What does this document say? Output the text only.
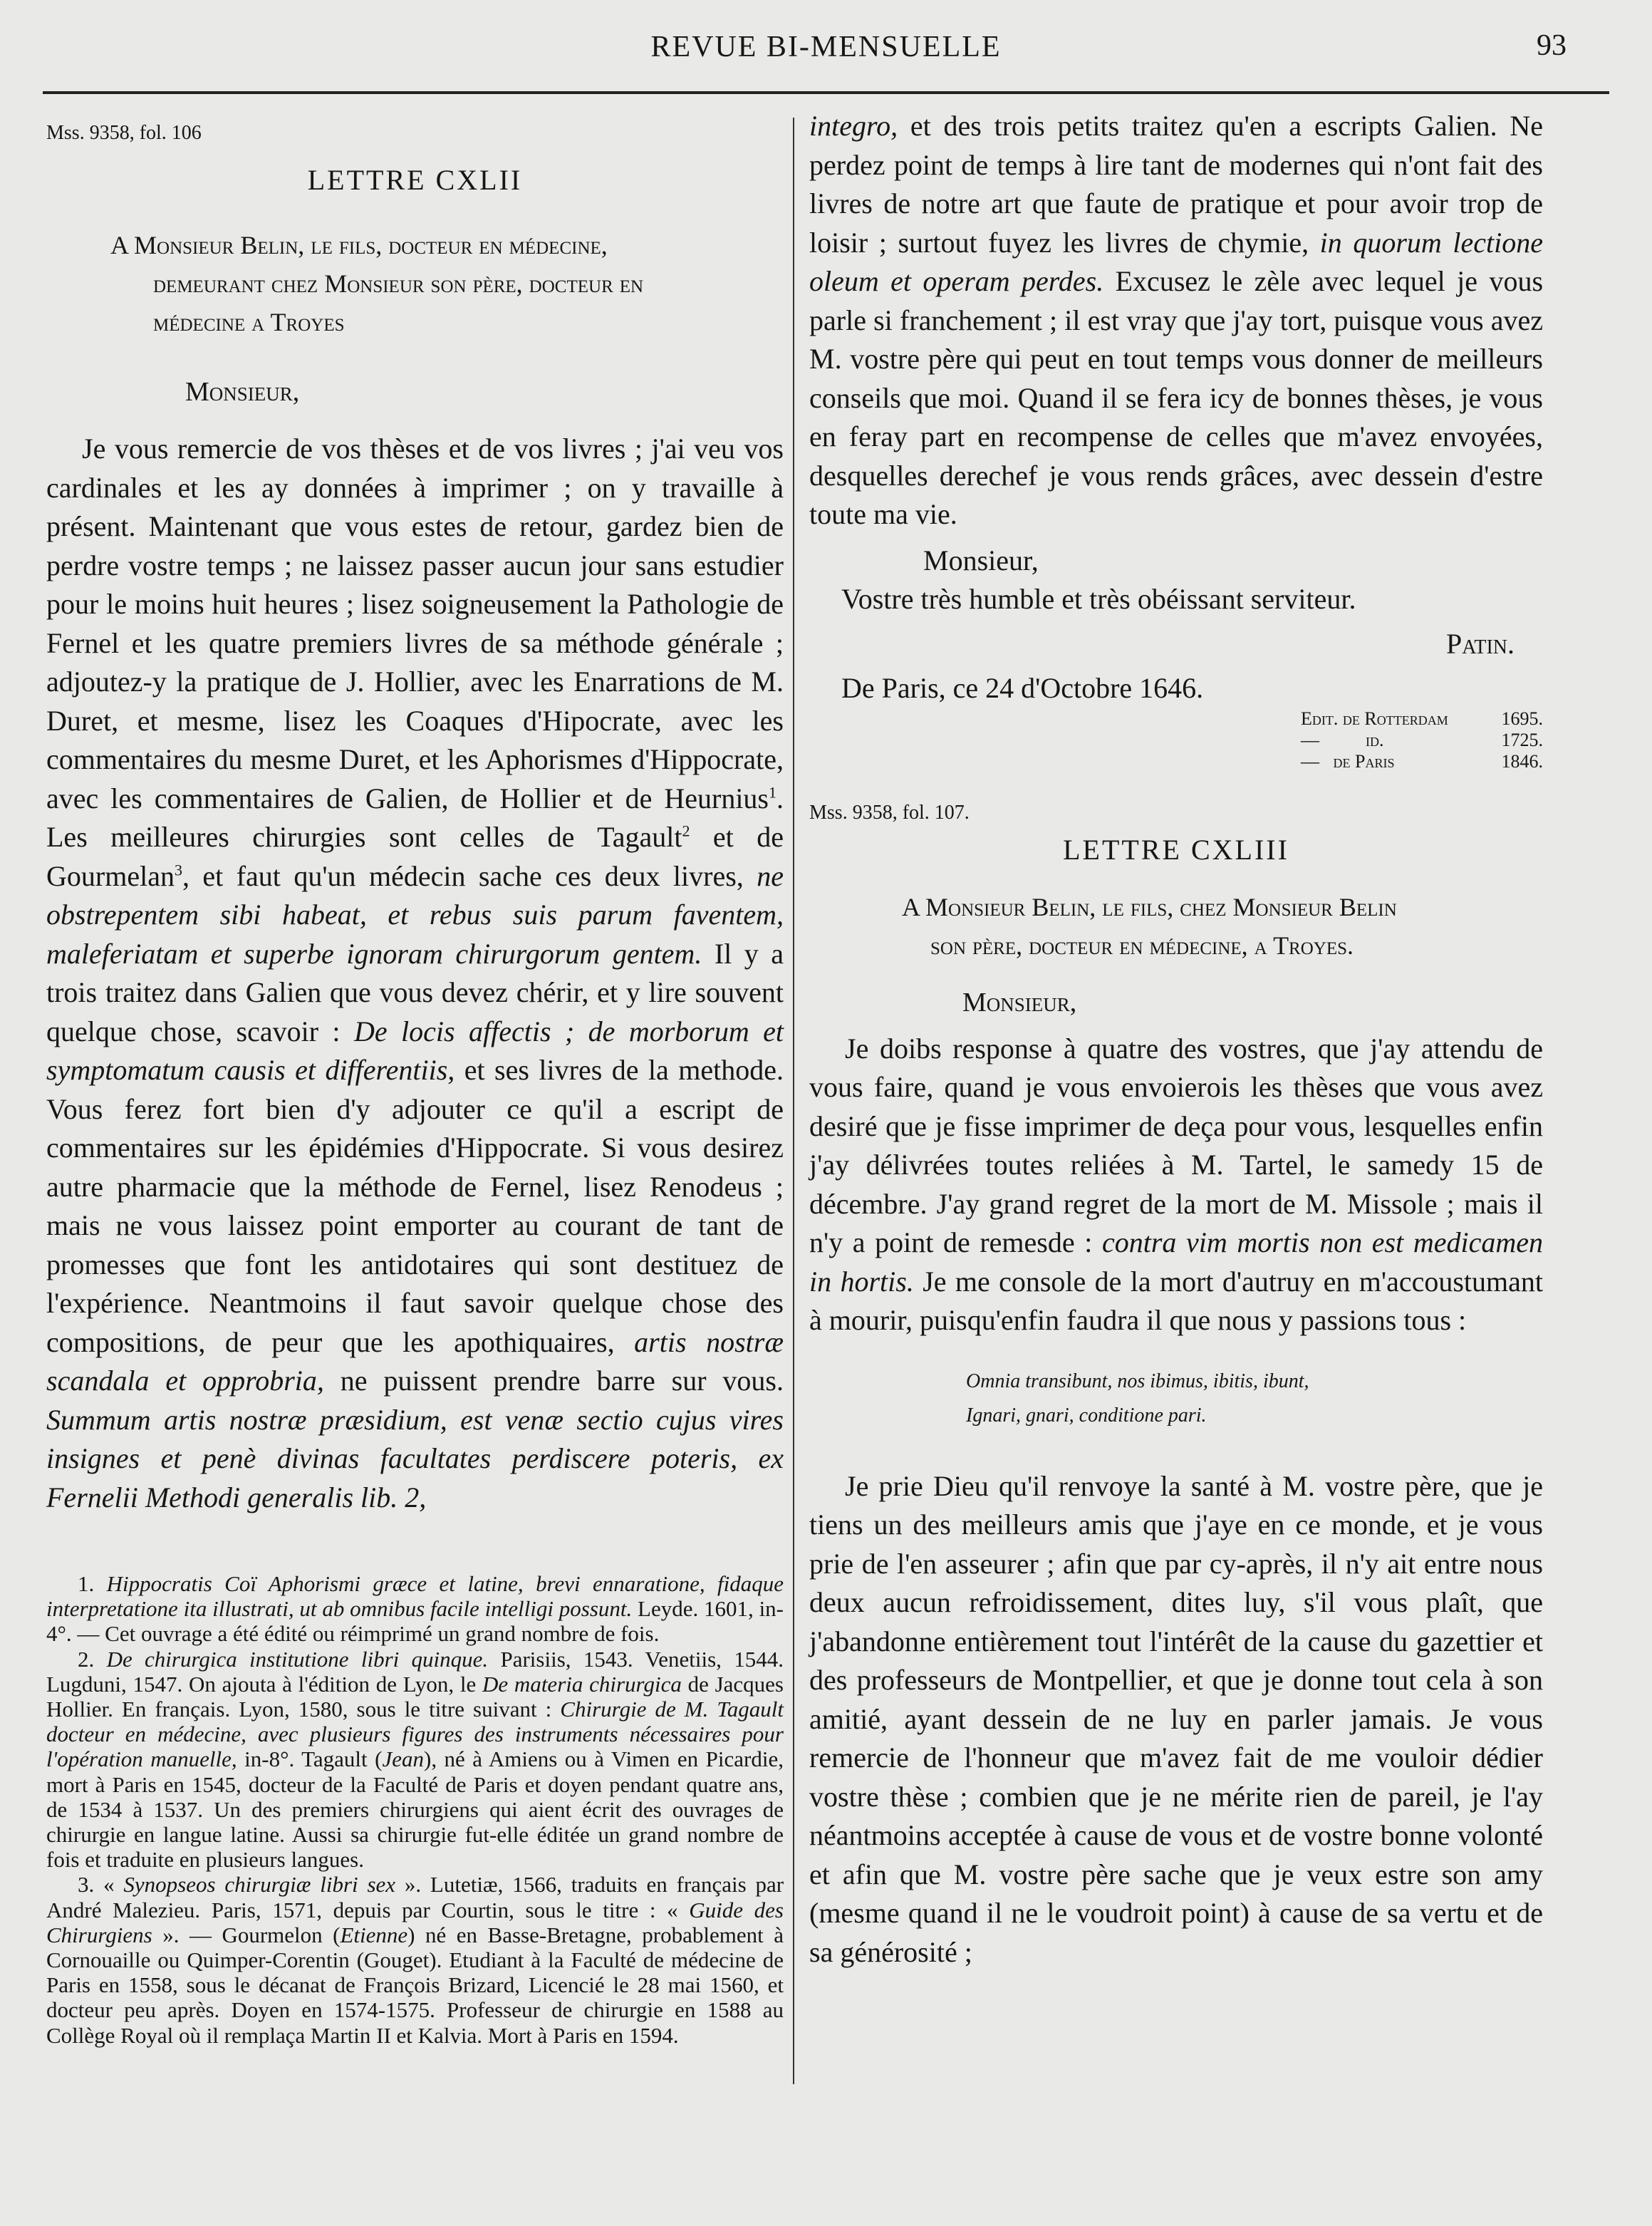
REVUE BI-MENSUELLE	93
Mss. 9358, fol. 106
LETTRE CXLII
A Monsieur Belin, le fils, docteur en médecine,
demeurant chez Monsieur son père, docteur en
médecine a Troyes
Monsieur,

Je vous remercie de vos thèses et de vos livres ; j'ai veu vos cardinales et les ay données à imprimer ; on y travaille à présent. Maintenant que vous estes de retour, gardez bien de perdre vostre temps ; ne laissez passer aucun jour sans estudier pour le moins huit heures ; lisez soigneusement la Pathologie de Fernel et les quatre premiers livres de sa méthode générale ; adjoutez-y la pratique de J. Hollier, avec les Enarrations de M. Duret, et mesme, lisez les Coaques d'Hipocrate, avec les commentaires du mesme Duret, et les Aphorismes d'Hippocrate, avec les commentaires de Galien, de Hollier et de Heurnius$^1$. Les meilleures chirurgies sont celles de Tagault$^2$ et de Gourmelan$^3$, et faut qu'un médecin sache ces deux livres, ne obstrepentem sibi habeat, et rebus suis parum faventem, maleferiatam et superbe ignoram chirurgorum gentem. Il y a trois traitez dans Galien que vous devez chérir, et y lire souvent quelque chose, scavoir : De locis affectis ; de morborum et symptomatum causis et differentiis, et ses livres de la methode. Vous ferez fort bien d'y adjouter ce qu'il a escript de commentaires sur les épidémies d'Hippocrate. Si vous desirez autre pharmacie que la méthode de Fernel, lisez Renodeus ; mais ne vous laissez point emporter au courant de tant de promesses que font les antidotaires qui sont destituez de l'expérience. Neantmoins il faut savoir quelque chose des compositions, de peur que les apothiquaires, artis nostræ scandala et opprobria, ne puissent prendre barre sur vous. Summum artis nostræ præsidium, est venæ sectio cujus vires insignes et penè divinas facultates perdiscere poteris, ex Fernelii Methodi generalis lib. 2,

1. Hippocratis Coï Aphorismi græce et latine, brevi ennaratione, fidaque interpretatione ita illustrati, ut ab omnibus facile intelligi possunt. Leyde. 1601, in-4°. — Cet ouvrage a été édité ou réimprimé un grand nombre de fois.

2. De chirurgica institutione libri quinque. Parisiis, 1543. Venetiis, 1544. Lugduni, 1547. On ajouta à l'édition de Lyon, le De materia chirurgica de Jacques Hollier. En français. Lyon, 1580, sous le titre suivant : Chirurgie de M. Tagault docteur en médecine, avec plusieurs figures des instruments nécessaires pour l'opération manuelle, in-8°. Tagault (Jean), né à Amiens ou à Vimen en Picardie, mort à Paris en 1545, docteur de la Faculté de Paris et doyen pendant quatre ans, de 1534 à 1537. Un des premiers chirurgiens qui aient écrit des ouvrages de chirurgie en langue latine. Aussi sa chirurgie fut-elle éditée un grand nombre de fois et traduite en plusieurs langues.

3. « Synopseos chirurgiæ libri sex ». Lutetiæ, 1566, traduits en français par André Malezieu. Paris, 1571, depuis par Courtin, sous le titre : « Guide des Chirurgiens ». — Gourmelon (Etienne) né en Basse-Bretagne, probablement à Cornouaille ou Quimper-Corentin (Gouget). Etudiant à la Faculté de médecine de Paris en 1558, sous le décanat de François Brizard, Licencié le 28 mai 1560, et docteur peu après. Doyen en 1574-1575. Professeur de chirurgie en 1588 au Collège Royal où il remplaça Martin II et Kalvia. Mort à Paris en 1594.

integro, et des trois petits traitez qu'en a escripts Galien. Ne perdez point de temps à lire tant de modernes qui n'ont fait des livres de notre art que faute de pratique et pour avoir trop de loisir ; surtout fuyez les livres de chymie, in quorum lectione oleum et operam perdes. Excusez le zèle avec lequel je vous parle si franchement ; il est vray que j'ay tort, puisque vous avez M. vostre père qui peut en tout temps vous donner de meilleurs conseils que moi. Quand il se fera icy de bonnes thèses, je vous en feray part en recompense de celles que m'avez envoyées, desquelles derechef je vous rends grâces, avec dessein d'estre toute ma vie.

Monsieur,
Vostre très humble et très obéissant serviteur.
Patin.
De Paris, ce 24 d'Octobre 1646.
Edit. de Rotterdam	1695.
—          id.	1725.
—   de Paris	1846.
Mss. 9358, fol. 107.
LETTRE CXLIII
A Monsieur Belin, le fils, chez Monsieur Belin
son père, docteur en médecine, a Troyes.
Monsieur,

Je doibs response à quatre des vostres, que j'ay attendu de vous faire, quand je vous envoierois les thèses que vous avez desiré que je fisse imprimer de deça pour vous, lesquelles enfin j'ay délivrées toutes reliées à M. Tartel, le samedy 15 de décembre. J'ay grand regret de la mort de M. Missole ; mais il n'y a point de remesde : contra vim mortis non est medicamen in hortis. Je me console de la mort d'autruy en m'accoustumant à mourir, puisqu'enfin faudra il que nous y passions tous :

Omnia transibunt, nos ibimus, ibitis, ibunt,
Ignari, gnari, conditione pari.

Je prie Dieu qu'il renvoye la santé à M. vostre père, que je tiens un des meilleurs amis que j'aye en ce monde, et je vous prie de l'en asseurer ; afin que par cy-après, il n'y ait entre nous deux aucun refroidissement, dites luy, s'il vous plaît, que j'abandonne entièrement tout l'intérêt de la cause du gazettier et des professeurs de Montpellier, et que je donne tout cela à son amitié, ayant dessein de ne luy en parler jamais. Je vous remercie de l'honneur que m'avez fait de me vouloir dédier vostre thèse ; combien que je ne mérite rien de pareil, je l'ay néantmoins acceptée à cause de vous et de vostre bonne volonté et afin que M. vostre père sache que je veux estre son amy (mesme quand il ne le voudroit point) à cause de sa vertu et de sa générosité ;
